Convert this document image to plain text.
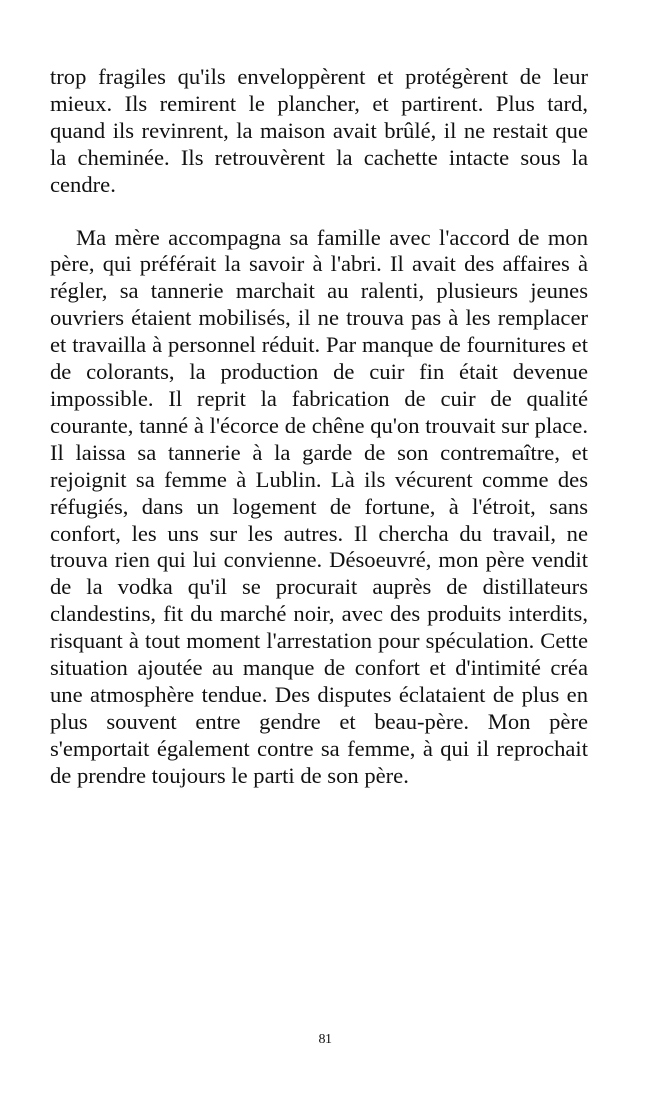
trop fragiles qu'ils enveloppèrent et protégèrent de leur mieux. Ils remirent le plancher, et partirent. Plus tard, quand ils revinrent, la maison avait brûlé, il ne restait que la cheminée. Ils retrouvèrent la cachette intacte sous la cendre.

Ma mère accompagna sa famille avec l'accord de mon père, qui préférait la savoir à l'abri. Il avait des affaires à régler, sa tannerie marchait au ralenti, plusieurs jeunes ouvriers étaient mobilisés, il ne trouva pas à les remplacer et travailla à personnel réduit. Par manque de fournitures et de colorants, la production de cuir fin était devenue impossible. Il reprit la fabrication de cuir de qualité courante, tanné à l'écorce de chêne qu'on trouvait sur place. Il laissa sa tannerie à la garde de son contremaître, et rejoignit sa femme à Lublin. Là ils vécurent comme des réfugiés, dans un logement de fortune, à l'étroit, sans confort, les uns sur les autres. Il chercha du travail, ne trouva rien qui lui convienne. Désoeuvré, mon père vendit de la vodka qu'il se procurait auprès de distillateurs clandestins, fit du marché noir, avec des produits interdits, risquant à tout moment l'arrestation pour spéculation. Cette situation ajoutée au manque de confort et d'intimité créa une atmosphère tendue. Des disputes éclataient de plus en plus souvent entre gendre et beau-père. Mon père s'emportait également contre sa femme, à qui il reprochait de prendre toujours le parti de son père.

81
